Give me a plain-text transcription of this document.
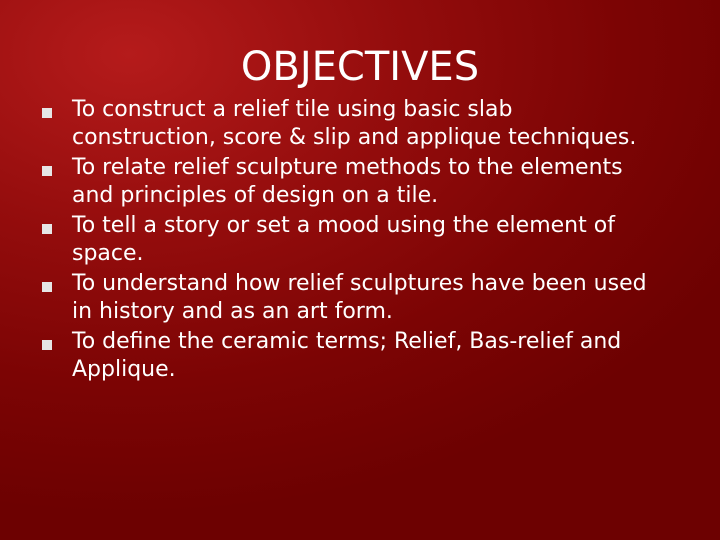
OBJECTIVES
To construct a relief tile using basic slab construction, score & slip and applique techniques.
To relate relief sculpture methods to the elements and principles of design on a tile.
To tell a story or set a mood using the element of space.
To understand how relief sculptures have been used in history and as an art form.
To define the ceramic terms; Relief, Bas-relief and Applique.
